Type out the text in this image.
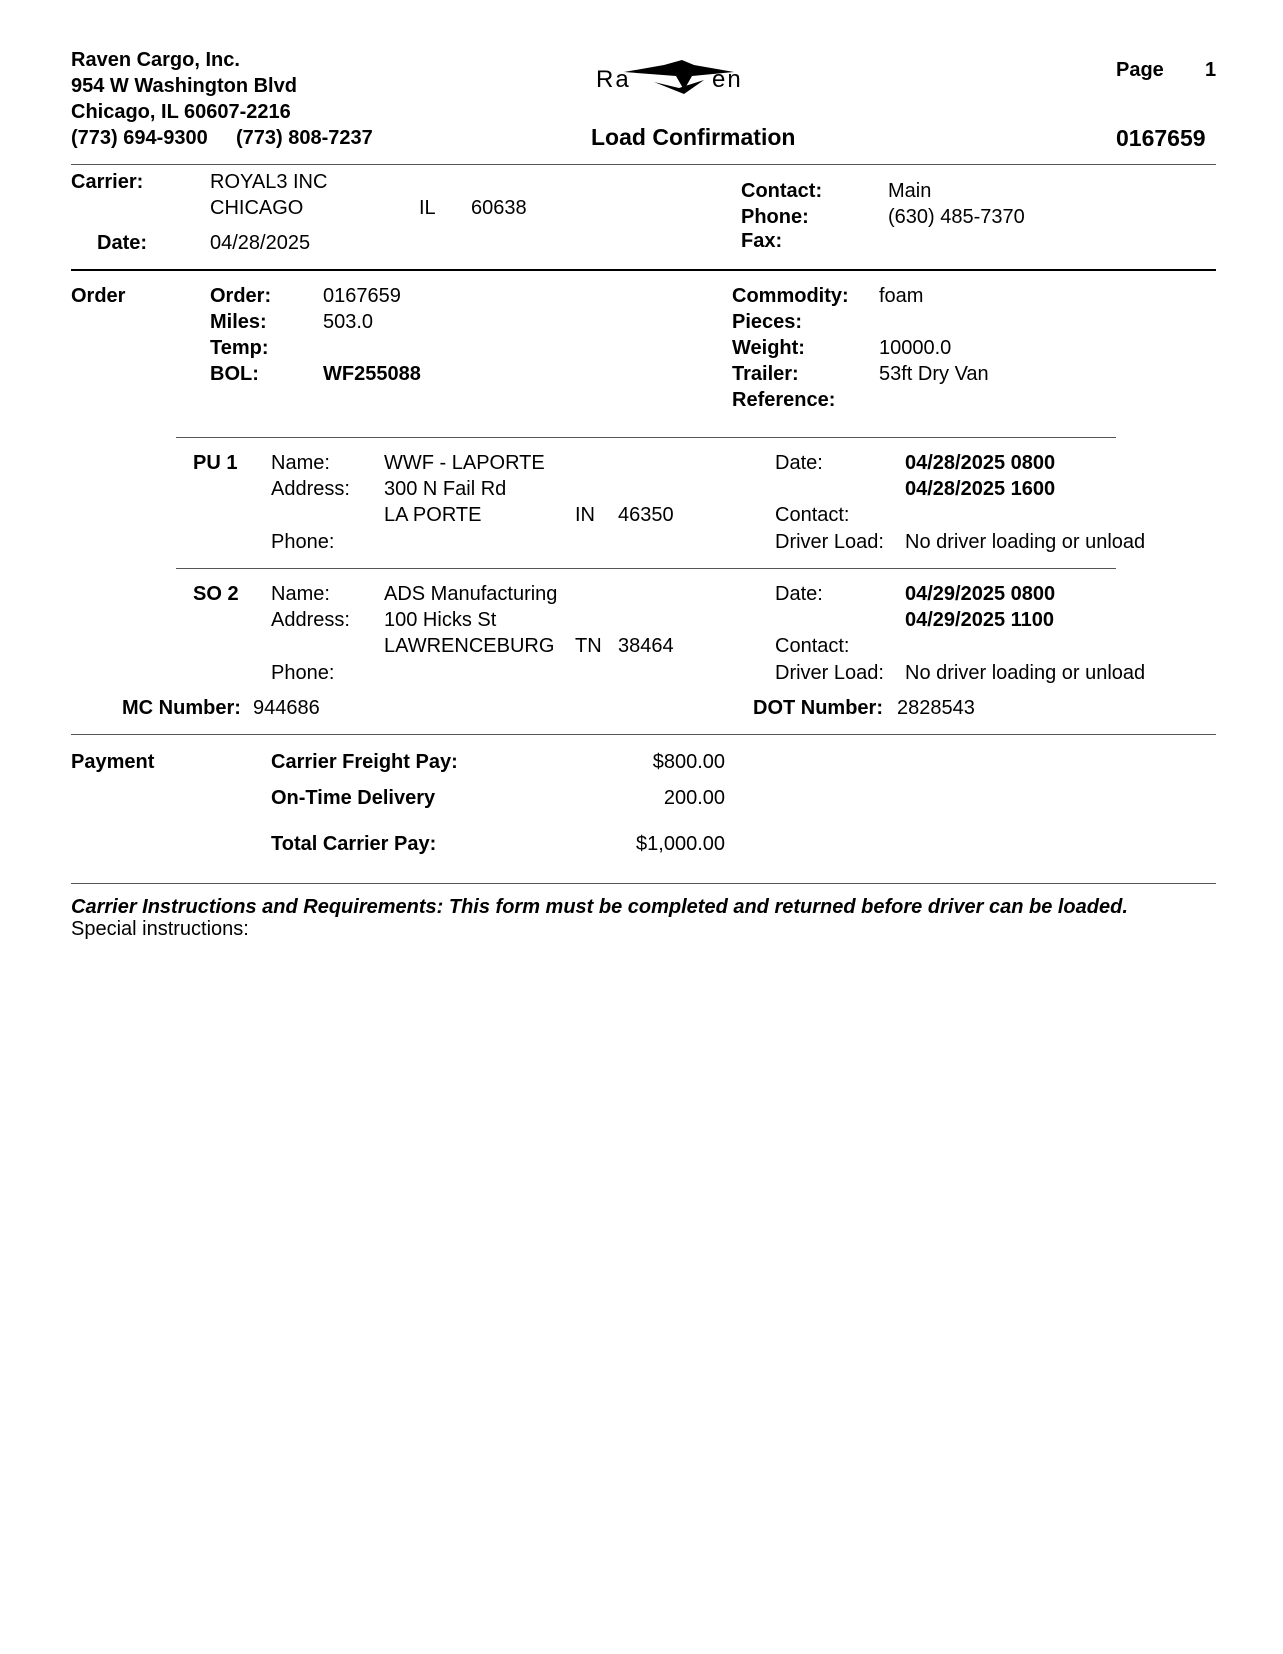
Raven Cargo, Inc.
954 W Washington Blvd
Chicago, IL 60607-2216
(773) 694-9300 (773) 808-7237
Ra	en
Load Confirmation
Page 1
0167659
Carrier:	ROYAL3 INC
CHICAGO	IL 60638
Date:	04/28/2025
Contact:	Main
Phone:	(630) 485-7370
Fax:
Order	Order:	0167659
Miles:	503.0
Temp:
BOL:	WF255088
Commodity: foam
Pieces:
Weight:	10000.0
Trailer:	53ft Dry Van
Reference:
PU 1 Name:	WWF - LAPORTE
Address: 300 N Fail Rd
LA PORTE	IN 46350
Phone:
Date:	04/28/2025 0800
04/28/2025 1600
Contact:
Driver Load: No driver loading or unload
SO 2 Name:	ADS Manufacturing
Address: 100 Hicks St
LAWRENCEBURG TN 38464
Phone:
Date:	04/29/2025 0800
04/29/2025 1100
Contact:
Driver Load: No driver loading or unload
MC Number: 944686	DOT Number: 2828543
Payment	Carrier Freight Pay:	$800.00
On-Time Delivery	200.00
Total Carrier Pay:	$1,000.00
Carrier Instructions and Requirements: This form must be completed and returned before driver can be loaded.
Special instructions:
